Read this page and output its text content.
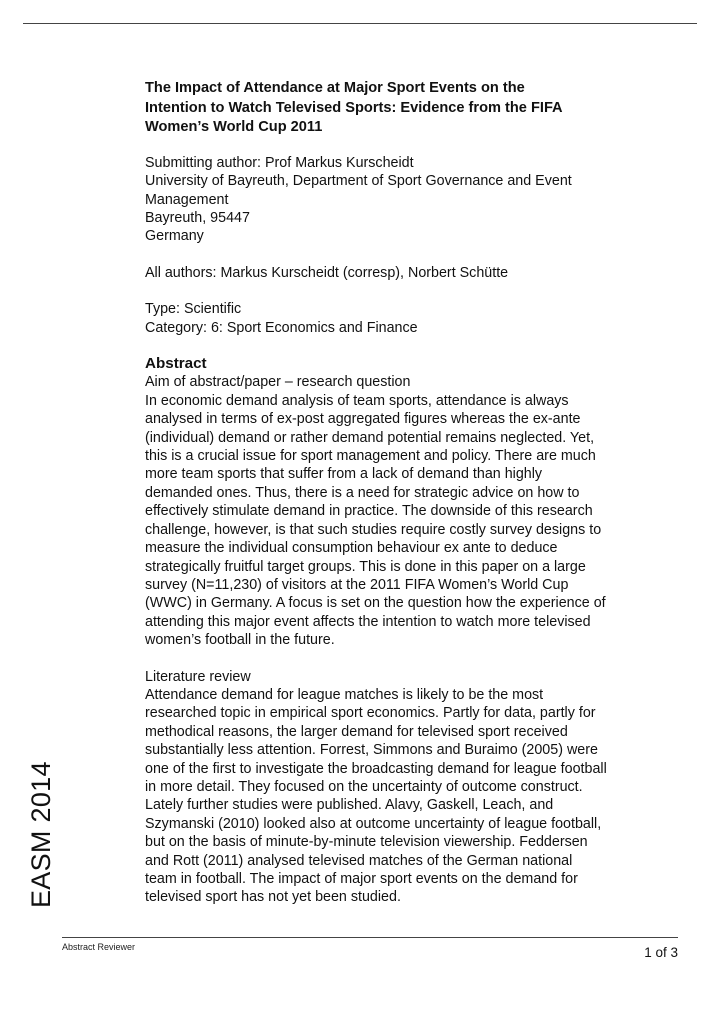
EASM 2014
The Impact of Attendance at Major Sport Events on the
Intention to Watch Televised Sports: Evidence from the FIFA
Women’s World Cup 2011
Submitting author: Prof Markus Kurscheidt
University of Bayreuth, Department of Sport Governance and Event
Management
Bayreuth, 95447
Germany
All authors: Markus Kurscheidt (corresp), Norbert Schütte
Type: Scientific
Category: 6: Sport Economics and Finance
Abstract
Aim of abstract/paper – research question
In economic demand analysis of team sports, attendance is always
analysed in terms of ex-post aggregated figures whereas the ex-ante
(individual) demand or rather demand potential remains neglected. Yet,
this is a crucial issue for sport management and policy. There are much
more team sports that suffer from a lack of demand than highly
demanded ones. Thus, there is a need for strategic advice on how to
effectively stimulate demand in practice. The downside of this research
challenge, however, is that such studies require costly survey designs to
measure the individual consumption behaviour ex ante to deduce
strategically fruitful target groups. This is done in this paper on a large
survey (N=11,230) of visitors at the 2011 FIFA Women’s World Cup
(WWC) in Germany. A focus is set on the question how the experience of
attending this major event affects the intention to watch more televised
women’s football in the future.
Literature review
Attendance demand for league matches is likely to be the most
researched topic in empirical sport economics. Partly for data, partly for
methodical reasons, the larger demand for televised sport received
substantially less attention. Forrest, Simmons and Buraimo (2005) were
one of the first to investigate the broadcasting demand for league football
in more detail. They focused on the uncertainty of outcome construct.
Lately further studies were published. Alavy, Gaskell, Leach, and
Szymanski (2010) looked also at outcome uncertainty of league football,
but on the basis of minute-by-minute television viewership. Feddersen
and Rott (2011) analysed televised matches of the German national
team in football. The impact of major sport events on the demand for
televised sport has not yet been studied.
Abstract Reviewer	1 of 3
